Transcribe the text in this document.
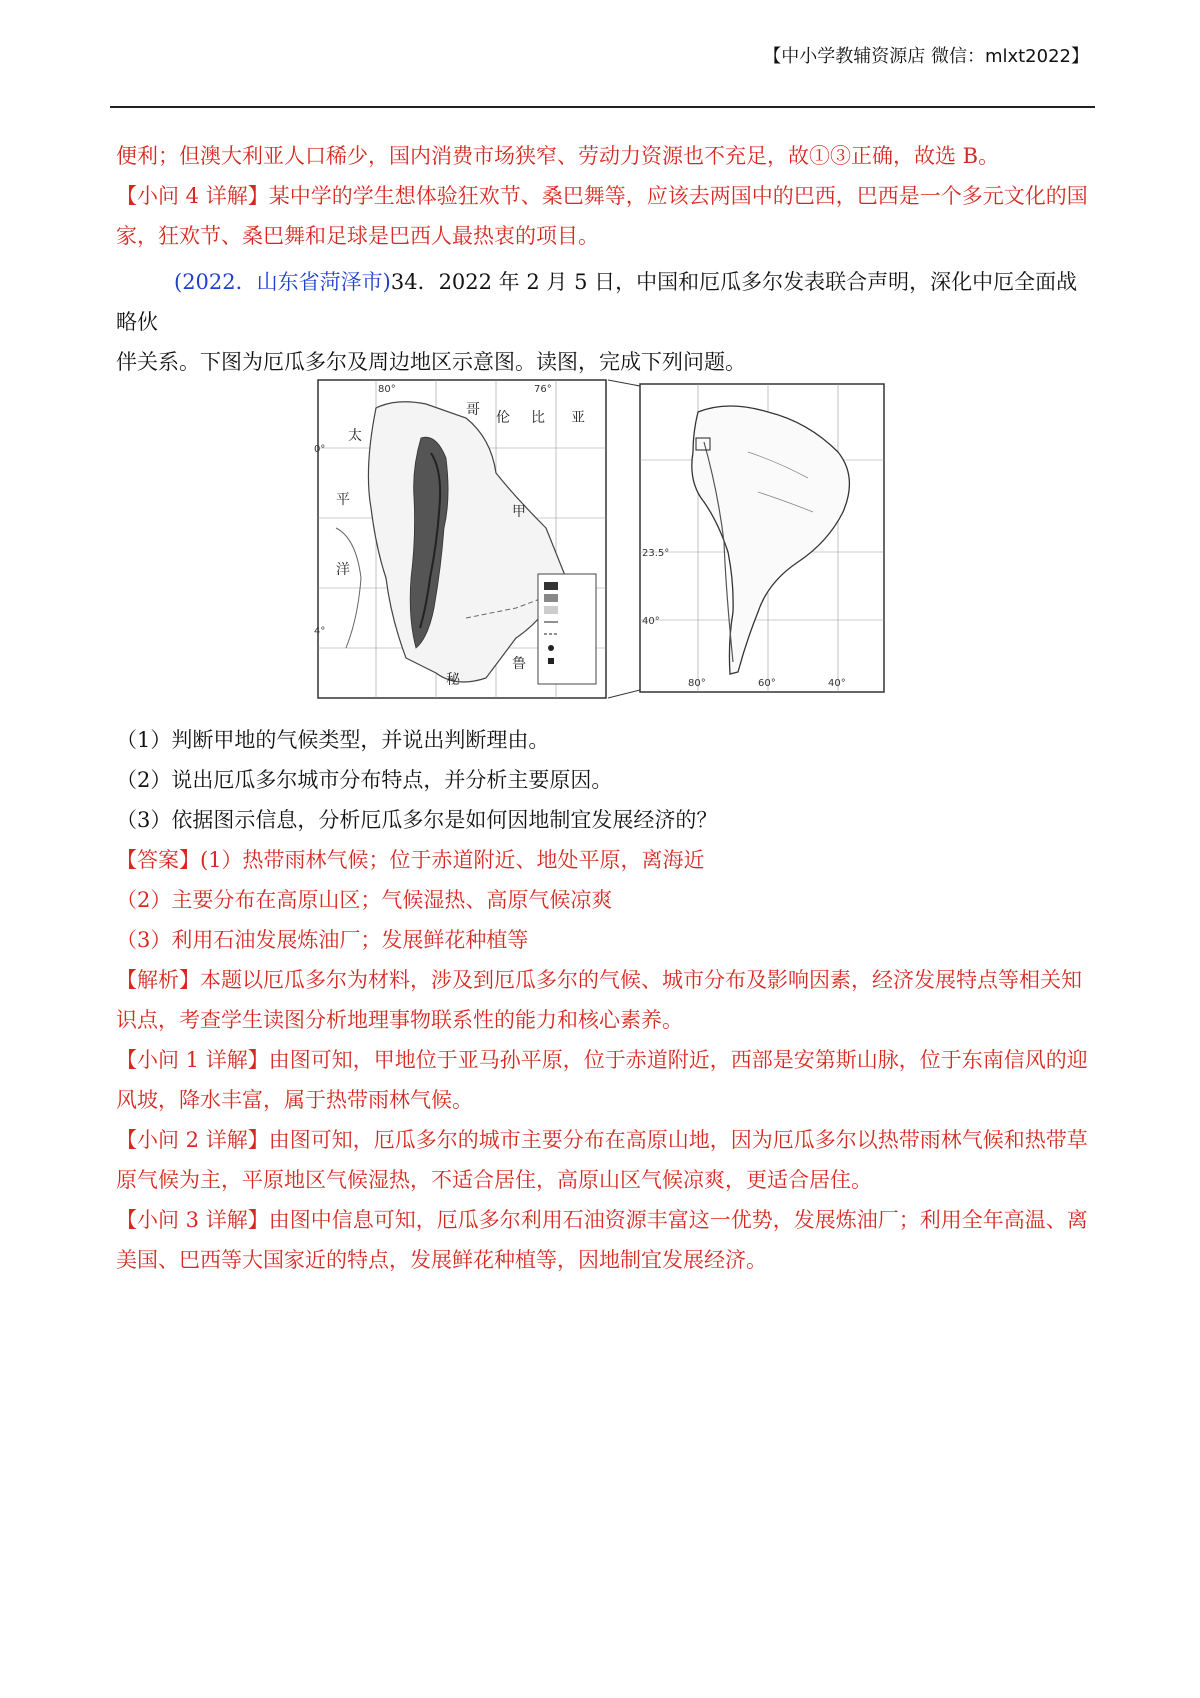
【中小学教辅资源店 微信：mlxt2022】

便利；但澳大利亚人口稀少，国内消费市场狭窄、劳动力资源也不充足，故①③正确，故选 B。

【小问 4 详解】某中学的学生想体验狂欢节、桑巴舞等，应该去两国中的巴西，巴西是一个多元文化的国

家，狂欢节、桑巴舞和足球是巴西人最热衷的项目。

(2022．山东省菏泽市)34．2022 年 2 月 5 日，中国和厄瓜多尔发表联合声明，深化中厄全面战略伙

伴关系。下图为厄瓜多尔及周边地区示意图。读图，完成下列问题。

80°	76°
0°
4°
太
平
洋
哥 伦 比 亚
甲
秘
鲁
23.5°
40°
80°	60°	40°

（1）判断甲地的气候类型，并说出判断理由。

（2）说出厄瓜多尔城市分布特点，并分析主要原因。

（3）依据图示信息，分析厄瓜多尔是如何因地制宜发展经济的？

【答案】(1）热带雨林气候；位于赤道附近、地处平原，离海近

（2）主要分布在高原山区；气候湿热、高原气候凉爽

（3）利用石油发展炼油厂；发展鲜花种植等

【解析】本题以厄瓜多尔为材料，涉及到厄瓜多尔的气候、城市分布及影响因素，经济发展特点等相关知

识点，考查学生读图分析地理事物联系性的能力和核心素养。

【小问 1 详解】由图可知，甲地位于亚马孙平原，位于赤道附近，西部是安第斯山脉，位于东南信风的迎

风坡，降水丰富，属于热带雨林气候。

【小问 2 详解】由图可知，厄瓜多尔的城市主要分布在高原山地，因为厄瓜多尔以热带雨林气候和热带草

原气候为主，平原地区气候湿热，不适合居住，高原山区气候凉爽，更适合居住。

【小问 3 详解】由图中信息可知，厄瓜多尔利用石油资源丰富这一优势，发展炼油厂；利用全年高温、离

美国、巴西等大国家近的特点，发展鲜花种植等，因地制宜发展经济。
